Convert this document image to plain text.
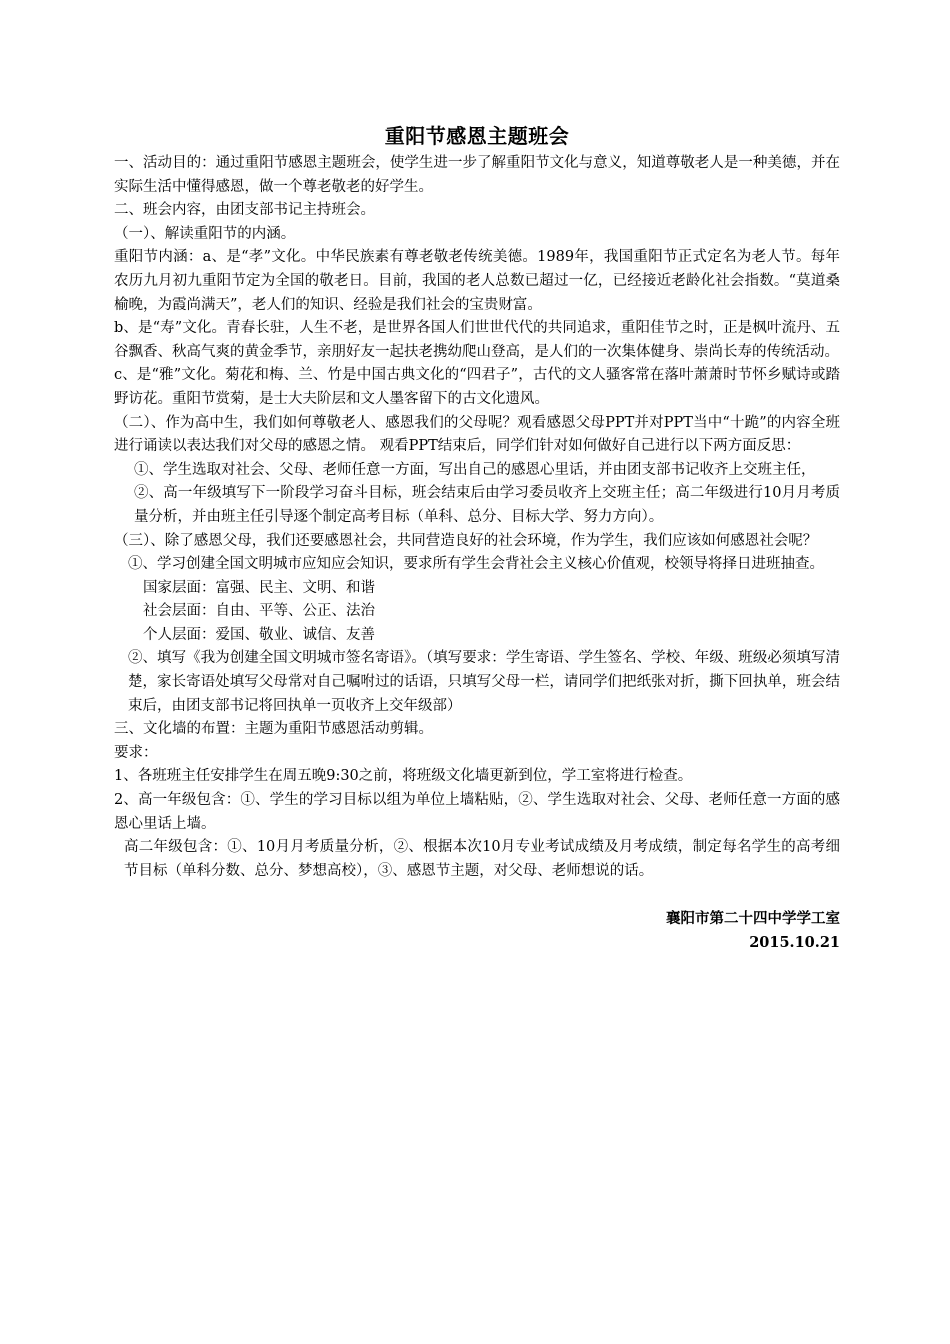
重阳节感恩主题班会

一、活动目的：通过重阳节感恩主题班会，使学生进一步了解重阳节文化与意义，知道尊敬老人是一种美德，并在实际生活中懂得感恩，做一个尊老敬老的好学生。

二、班会内容，由团支部书记主持班会。

（一）、解读重阳节的内涵。

重阳节内涵：a、是“孝”文化。中华民族素有尊老敬老传统美德。1989年，我国重阳节正式定名为老人节。每年农历九月初九重阳节定为全国的敬老日。目前，我国的老人总数已超过一亿，已经接近老龄化社会指数。“莫道桑榆晚，为霞尚满天”，老人们的知识、经验是我们社会的宝贵财富。

b、是“寿”文化。青春长驻，人生不老，是世界各国人们世世代代的共同追求，重阳佳节之时，正是枫叶流丹、五谷飘香、秋高气爽的黄金季节，亲朋好友一起扶老携幼爬山登高，是人们的一次集体健身、崇尚长寿的传统活动。

c、是“雅”文化。菊花和梅、兰、竹是中国古典文化的“四君子”，古代的文人骚客常在落叶萧萧时节怀乡赋诗或踏野访花。重阳节赏菊，是士大夫阶层和文人墨客留下的古文化遗风。

（二）、作为高中生，我们如何尊敬老人、感恩我们的父母呢？观看感恩父母PPT并对PPT当中“十跪”的内容全班进行诵读以表达我们对父母的感恩之情。 观看PPT结束后，同学们针对如何做好自己进行以下两方面反思：

①、学生选取对社会、父母、老师任意一方面，写出自己的感恩心里话，并由团支部书记收齐上交班主任，

②、高一年级填写下一阶段学习奋斗目标，班会结束后由学习委员收齐上交班主任；高二年级进行10月月考质量分析，并由班主任引导逐个制定高考目标（单科、总分、目标大学、努力方向）。

（三）、除了感恩父母，我们还要感恩社会，共同营造良好的社会环境，作为学生，我们应该如何感恩社会呢？

①、学习创建全国文明城市应知应会知识，要求所有学生会背社会主义核心价值观，校领导将择日进班抽查。

国家层面：富强、民主、文明、和谐

社会层面：自由、平等、公正、法治

个人层面：爱国、敬业、诚信、友善

②、填写《我为创建全国文明城市签名寄语》。（填写要求：学生寄语、学生签名、学校、年级、班级必须填写清楚，家长寄语处填写父母常对自己嘱咐过的话语，只填写父母一栏，请同学们把纸张对折，撕下回执单，班会结束后，由团支部书记将回执单一页收齐上交年级部）

三、文化墙的布置：主题为重阳节感恩活动剪辑。

要求：

1、各班班主任安排学生在周五晚9:30之前，将班级文化墙更新到位，学工室将进行检查。

2、高一年级包含：①、学生的学习目标以组为单位上墙粘贴，②、学生选取对社会、父母、老师任意一方面的感恩心里话上墙。

高二年级包含：①、10月月考质量分析，②、根据本次10月专业考试成绩及月考成绩，制定每名学生的高考细节目标（单科分数、总分、梦想高校），③、感恩节主题，对父母、老师想说的话。

襄阳市第二十四中学学工室

2015.10.21
